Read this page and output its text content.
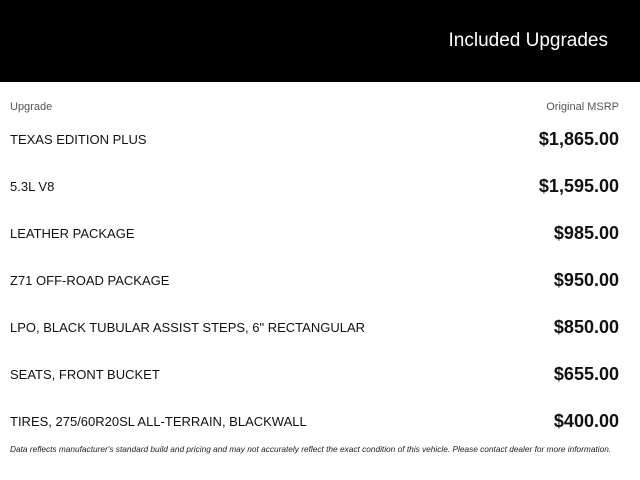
Included Upgrades
Upgrade	Original MSRP
TEXAS EDITION PLUS	$1,865.00
5.3L V8	$1,595.00
LEATHER PACKAGE	$985.00
Z71 OFF-ROAD PACKAGE	$950.00
LPO, BLACK TUBULAR ASSIST STEPS, 6" RECTANGULAR	$850.00
SEATS, FRONT BUCKET	$655.00
TIRES, 275/60R20SL ALL-TERRAIN, BLACKWALL	$400.00
Data reflects manufacturer's standard build and pricing and may not accurately reflect the exact condition of this vehicle. Please contact dealer for more information.
